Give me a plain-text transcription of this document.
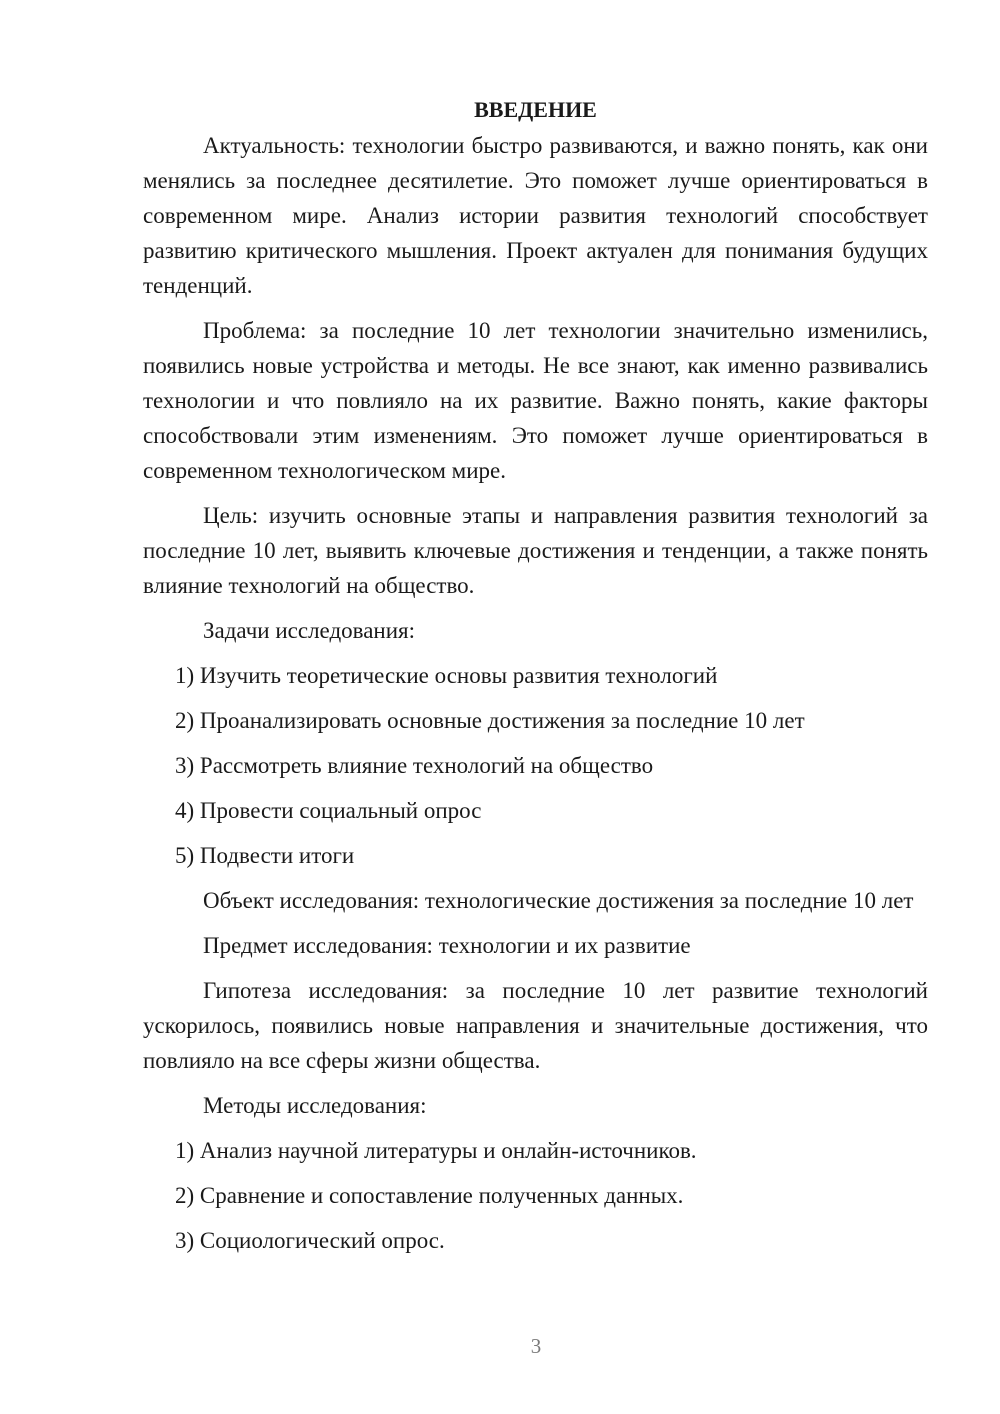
ВВЕДЕНИЕ

Актуальность: технологии быстро развиваются, и важно понять, как они менялись за последнее десятилетие. Это поможет лучше ориентироваться в современном мире. Анализ истории развития технологий способствует развитию критического мышления. Проект актуален для понимания будущих тенденций.

Проблема: за последние 10 лет технологии значительно изменились, появились новые устройства и методы. Не все знают, как именно развивались технологии и что повлияло на их развитие. Важно понять, какие факторы способствовали этим изменениям. Это поможет лучше ориентироваться в современном технологическом мире.

Цель: изучить основные этапы и направления развития технологий за последние 10 лет, выявить ключевые достижения и тенденции, а также понять влияние технологий на общество.

Задачи исследования:

1) Изучить теоретические основы развития технологий
2) Проанализировать основные достижения за последние 10 лет
3) Рассмотреть влияние технологий на общество
4) Провести социальный опрос
5) Подвести итоги

Объект исследования: технологические достижения за последние 10 лет

Предмет исследования: технологии и их развитие

Гипотеза исследования: за последние 10 лет развитие технологий ускорилось, появились новые направления и значительные достижения, что повлияло на все сферы жизни общества.

Методы исследования:

1) Анализ научной литературы и онлайн-источников.
2) Сравнение и сопоставление полученных данных.
3) Социологический опрос.
3
